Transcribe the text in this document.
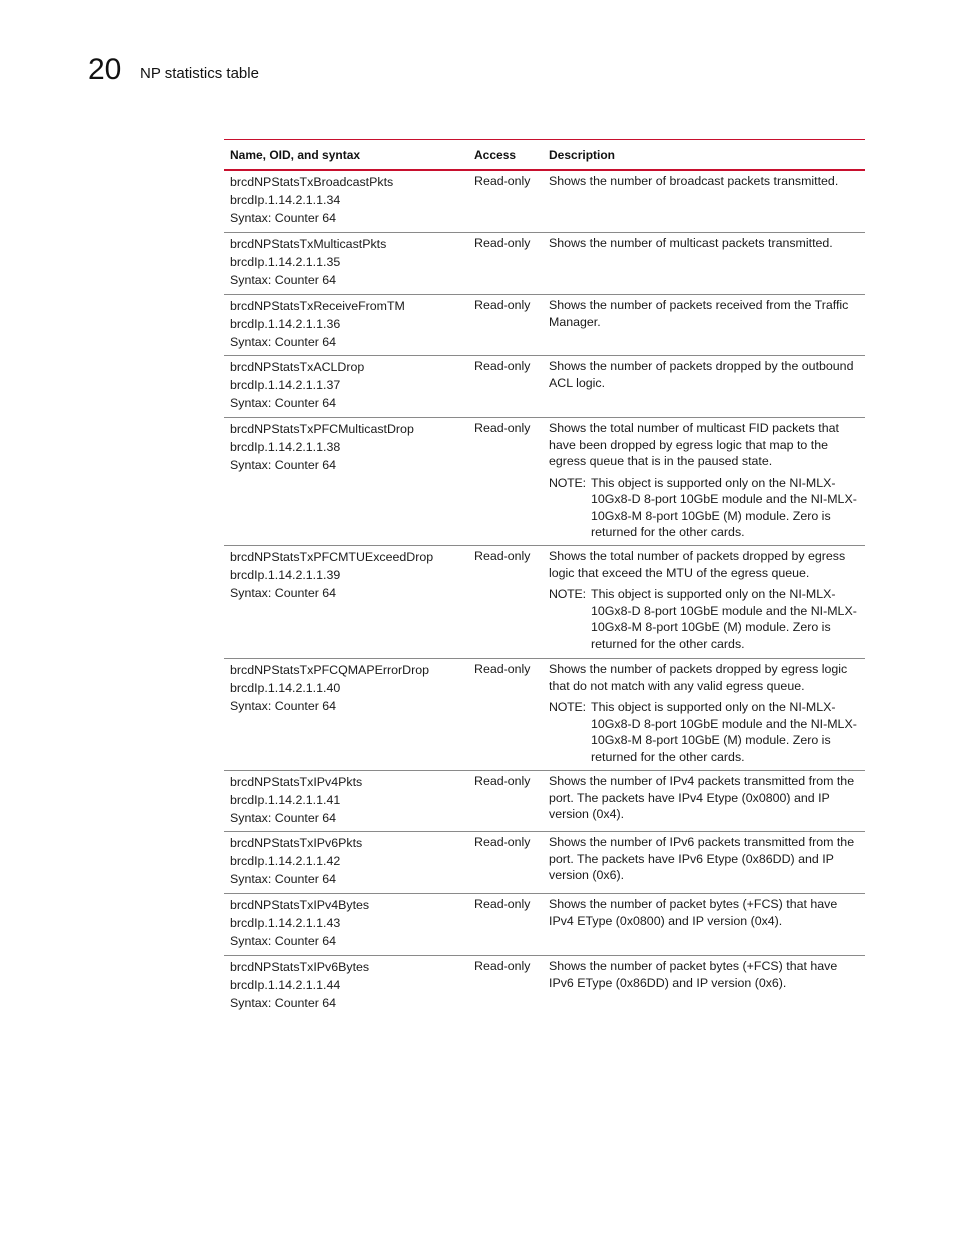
20 NP statistics table
Name, OID, and syntax	Access	Description
brcdNPStatsTxBroadcastPkts
brcdIp.1.14.2.1.1.34
Syntax: Counter 64
Read-only	Shows the number of broadcast packets transmitted.

brcdNPStatsTxMulticastPkts
brcdIp.1.14.2.1.1.35
Syntax: Counter 64
Read-only	Shows the number of multicast packets transmitted.

brcdNPStatsTxReceiveFromTM
brcdIp.1.14.2.1.1.36
Syntax: Counter 64
Read-only	Shows the number of packets received from the Traffic Manager.

brcdNPStatsTxACLDrop
brcdIp.1.14.2.1.1.37
Syntax: Counter 64
Read-only	Shows the number of packets dropped by the outbound ACL logic.

brcdNPStatsTxPFCMulticastDrop
brcdIp.1.14.2.1.1.38
Syntax: Counter 64
Read-only	Shows the total number of multicast FID packets that have been dropped by egress logic that map to the egress queue that is in the paused state.

NOTE: This object is supported only on the NI-MLX-10Gx8-D 8-port 10GbE module and the NI-MLX-10Gx8-M 8-port 10GbE (M) module. Zero is returned for the other cards.
brcdNPStatsTxPFCMTUExceedDrop
brcdIp.1.14.2.1.1.39
Syntax: Counter 64
Read-only	Shows the total number of packets dropped by egress logic that exceed the MTU of the egress queue.

NOTE: This object is supported only on the NI-MLX-10Gx8-D 8-port 10GbE module and the NI-MLX-10Gx8-M 8-port 10GbE (M) module. Zero is returned for the other cards.
brcdNPStatsTxPFCQMAPErrorDrop
brcdIp.1.14.2.1.1.40
Syntax: Counter 64
Read-only	Shows the number of packets dropped by egress logic that do not match with any valid egress queue.

NOTE: This object is supported only on the NI-MLX-10Gx8-D 8-port 10GbE module and the NI-MLX-10Gx8-M 8-port 10GbE (M) module. Zero is returned for the other cards.
brcdNPStatsTxIPv4Pkts
brcdIp.1.14.2.1.1.41
Syntax: Counter 64
Read-only	Shows the number of IPv4 packets transmitted from the port. The packets have IPv4 Etype (0x0800) and IP version (0x4).

brcdNPStatsTxIPv6Pkts
brcdIp.1.14.2.1.1.42
Syntax: Counter 64
Read-only	Shows the number of IPv6 packets transmitted from the port. The packets have IPv6 Etype (0x86DD) and IP version (0x6).

brcdNPStatsTxIPv4Bytes
brcdIp.1.14.2.1.1.43
Syntax: Counter 64
Read-only	Shows the number of packet bytes (+FCS) that have IPv4 EType (0x0800) and IP version (0x4).

brcdNPStatsTxIPv6Bytes
brcdIp.1.14.2.1.1.44
Syntax: Counter 64
Read-only	Shows the number of packet bytes (+FCS) that have IPv6 EType (0x86DD) and IP version (0x6).
